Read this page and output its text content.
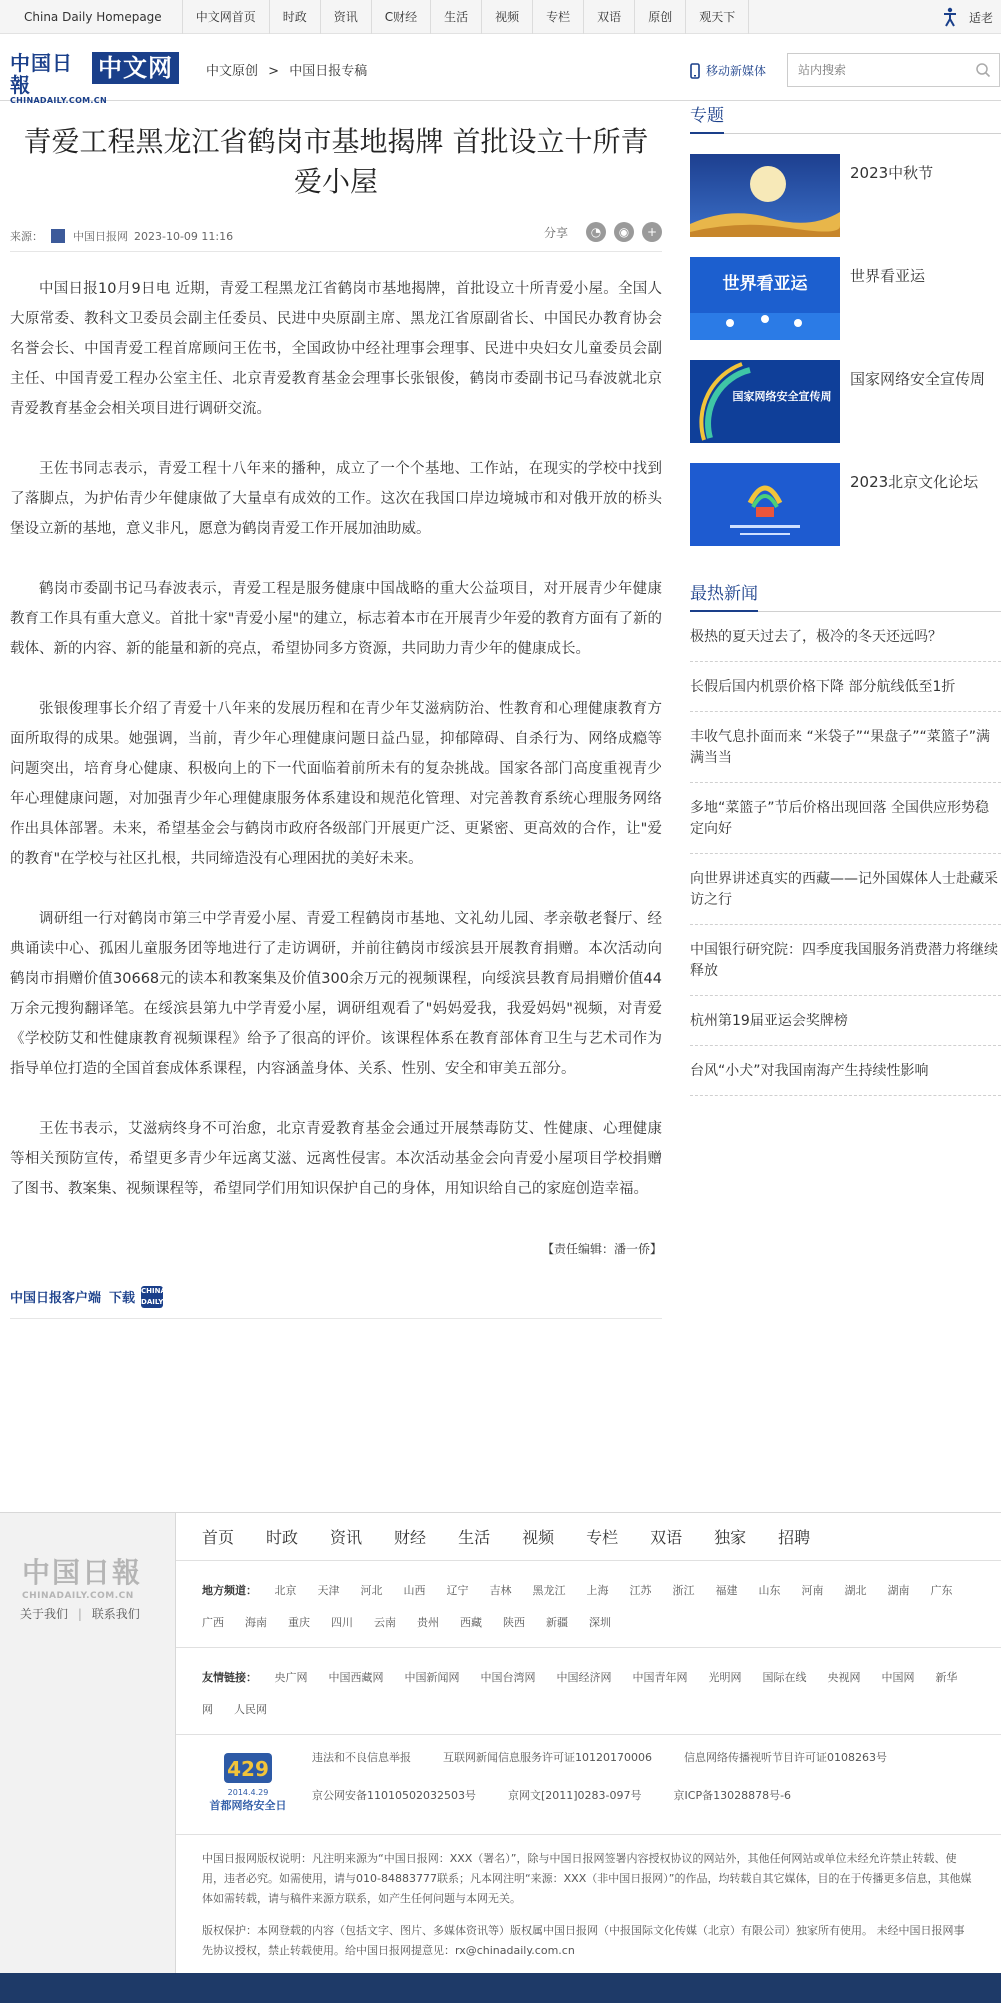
China Daily Homepage	中文网首页	时政	资讯	C财经	生活	视频	专栏	双语	原创	观天下	适老
中国日報
CHINADAILY.COM.CN
中文网	中文原创 > 中国日报专稿	移动新媒体
站内搜索
青爱工程黑龙江省鹤岗市基地揭牌 首批设立十所青爱小屋
来源：	中国日报网 2023-10-09 11:16	分享	◔	◉	+

中国日报10月9日电 近期，青爱工程黑龙江省鹤岗市基地揭牌，首批设立十所青爱小屋。全国人大原常委、教科文卫委员会副主任委员、民进中央原副主席、黑龙江省原副省长、中国民办教育协会名誉会长、中国青爱工程首席顾问王佐书，全国政协中经社理事会理事、民进中央妇女儿童委员会副主任、中国青爱工程办公室主任、北京青爱教育基金会理事长张银俊，鹤岗市委副书记马春波就北京青爱教育基金会相关项目进行调研交流。

王佐书同志表示，青爱工程十八年来的播种，成立了一个个基地、工作站，在现实的学校中找到了落脚点，为护佑青少年健康做了大量卓有成效的工作。这次在我国口岸边境城市和对俄开放的桥头堡设立新的基地，意义非凡，愿意为鹤岗青爱工作开展加油助威。

鹤岗市委副书记马春波表示，青爱工程是服务健康中国战略的重大公益项目，对开展青少年健康教育工作具有重大意义。首批十家"青爱小屋"的建立，标志着本市在开展青少年爱的教育方面有了新的载体、新的内容、新的能量和新的亮点，希望协同多方资源，共同助力青少年的健康成长。

张银俊理事长介绍了青爱十八年来的发展历程和在青少年艾滋病防治、性教育和心理健康教育方面所取得的成果。她强调，当前，青少年心理健康问题日益凸显，抑郁障碍、自杀行为、网络成瘾等问题突出，培育身心健康、积极向上的下一代面临着前所未有的复杂挑战。国家各部门高度重视青少年心理健康问题，对加强青少年心理健康服务体系建设和规范化管理、对完善教育系统心理服务网络作出具体部署。未来，希望基金会与鹤岗市政府各级部门开展更广泛、更紧密、更高效的合作，让"爱的教育"在学校与社区扎根，共同缔造没有心理困扰的美好未来。

调研组一行对鹤岗市第三中学青爱小屋、青爱工程鹤岗市基地、文礼幼儿园、孝亲敬老餐厅、经典诵读中心、孤困儿童服务团等地进行了走访调研，并前往鹤岗市绥滨县开展教育捐赠。本次活动向鹤岗市捐赠价值30668元的读本和教案集及价值300余万元的视频课程，向绥滨县教育局捐赠价值44万余元搜狗翻译笔。在绥滨县第九中学青爱小屋，调研组观看了"妈妈爱我，我爱妈妈"视频，对青爱《学校防艾和性健康教育视频课程》给予了很高的评价。该课程体系在教育部体育卫生与艺术司作为指导单位打造的全国首套成体系课程，内容涵盖身体、关系、性别、安全和审美五部分。

王佐书表示，艾滋病终身不可治愈，北京青爱教育基金会通过开展禁毒防艾、性健康、心理健康等相关预防宣传，希望更多青少年远离艾滋、远离性侵害。本次活动基金会向青爱小屋项目学校捐赠了图书、教案集、视频课程等，希望同学们用知识保护自己的身体，用知识给自己的家庭创造幸福。

【责任编辑：潘一侨】
中国日报客户端 下载
CHINA DAILY
专题
2023中秋节
世界看亚运	世界看亚运
国家网络安全宣传周
国家网络安全宣传周
2023北京文化论坛
最热新闻
极热的夏天过去了，极冷的冬天还远吗？
长假后国内机票价格下降 部分航线低至1折
丰收气息扑面而来 “米袋子”“果盘子”“菜篮子”满满当当
多地“菜篮子”节后价格出现回落 全国供应形势稳定向好
向世界讲述真实的西藏——记外国媒体人士赴藏采访之行
中国银行研究院：四季度我国服务消费潜力将继续释放
杭州第19届亚运会奖牌榜
台风“小犬”对我国南海产生持续性影响
中国日報
CHINADAILY.COM.CN
关于我们 | 联系我们
首页 时政 资讯 财经 生活 视频 专栏 双语 独家 招聘
地方频道： 北京 天津 河北 山西 辽宁 吉林 黑龙江 上海 江苏 浙江 福建 山东 河南 湖北 湖南 广东广西 海南 重庆 四川 云南 贵州 西藏 陕西 新疆 深圳
友情链接： 央广网 中国西藏网 中国新闻网 中国台湾网 中国经济网 中国青年网 光明网 国际在线 央视网 中国网 新华网 人民网
429
2014.4.29
首都网络安全日
违法和不良信息举报	互联网新闻信息服务许可证10120170006	信息网络传播视听节目许可证0108263号
京公网安备11010502032503号	京网文[2011]0283-097号	京ICP备13028878号-6

中国日报网版权说明：凡注明来源为“中国日报网：XXX（署名）”，除与中国日报网签署内容授权协议的网站外，其他任何网站或单位未经允许禁止转载、使用，违者必究。如需使用，请与010-84883777联系；凡本网注明“来源：XXX（非中国日报网）”的作品，均转载自其它媒体，目的在于传播更多信息，其他媒体如需转载，请与稿件来源方联系，如产生任何问题与本网无关。

版权保护：本网登载的内容（包括文字、图片、多媒体资讯等）版权属中国日报网（中报国际文化传媒（北京）有限公司）独家所有使用。 未经中国日报网事先协议授权，禁止转载使用。给中国日报网提意见：rx@chinadaily.com.cn
